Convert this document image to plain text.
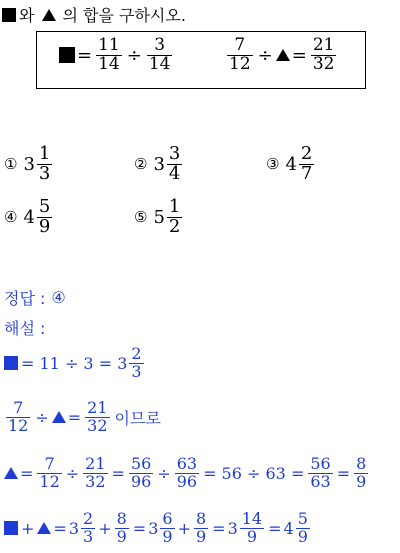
와 의 합을 구하시오.
= $\frac{11}{14} \div \frac{3}{14}$	$\frac{7}{12}$ ÷ = $\frac{21}{32}$
① $3 \frac{1}{3}$	② $3 \frac{3}{4}$	③ $4 \frac{2}{7}$
④ $4 \frac{5}{9}$	⑤ $5 \frac{1}{2}$
정답 : ④
해설 :
= $11 \div 3 = 3 \frac{2}{3}$
$\frac{7}{12}$ ÷ = $\frac{21}{32}$ 이므로
= $\frac{7}{12} \div \frac{21}{32} = \frac{56}{96} \div \frac{63}{96} = 56 \div 63 = \frac{56}{63} = \frac{8}{9}$
+ = $3 \frac{2}{3} + \frac{8}{9} = 3 \frac{6}{9} + \frac{8}{9} = 3 \frac{14}{9} = 4 \frac{5}{9}$
